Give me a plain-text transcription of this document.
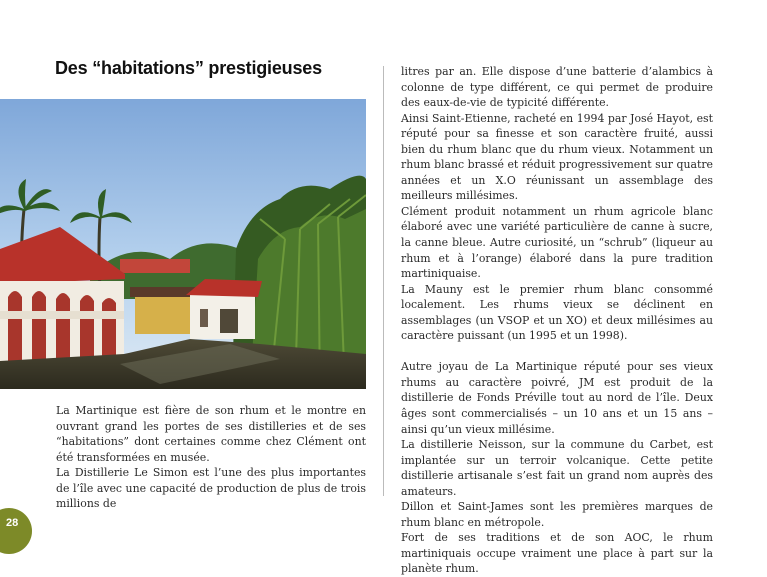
Des “habitations” prestigieuses

La Martinique est fière de son rhum et le montre en ouvrant grand les portes de ses distilleries et de ses “habitations” dont certaines comme chez Clément ont été transformées en musée.

La Distillerie Le Simon est l’une des plus importantes de l’île avec une capacité de production de plus de trois millions de

litres par an. Elle dispose d’une batterie d’alambics à colonne de type différent, ce qui permet de produire des eaux-de-vie de typicité différente.

Ainsi Saint-Etienne, racheté en 1994 par José Hayot, est réputé pour sa finesse et son caractère fruité, aussi bien du rhum blanc que du rhum vieux. Notamment un rhum blanc brassé et réduit progressivement sur quatre années et un X.O réunissant un assemblage des meilleurs millésimes.

Clément produit notamment un rhum agricole blanc élaboré avec une variété particulière de canne à sucre, la canne bleue. Autre curiosité, un “schrub” (liqueur au rhum et à l’orange) élaboré dans la pure tradition martiniquaise.

La Mauny est le premier rhum blanc consommé localement. Les rhums vieux se déclinent en assemblages (un VSOP et un XO) et deux millésimes au caractère puissant (un 1995 et un 1998).

Autre joyau de La Martinique réputé pour ses vieux rhums au caractère poivré, JM est produit de la distillerie de Fonds Préville tout au nord de l’île. Deux âges sont commercialisés – un 10 ans et un 15 ans – ainsi qu’un vieux millésime.

La distillerie Neisson, sur la commune du Carbet, est implantée sur un terroir volcanique. Cette petite distillerie artisanale s’est fait un grand nom auprès des amateurs.

Dillon et Saint-James sont les premières marques de rhum blanc en métropole.

Fort de ses traditions et de son AOC, le rhum martiniquais occupe vraiment une place à part sur la planète rhum.

28
